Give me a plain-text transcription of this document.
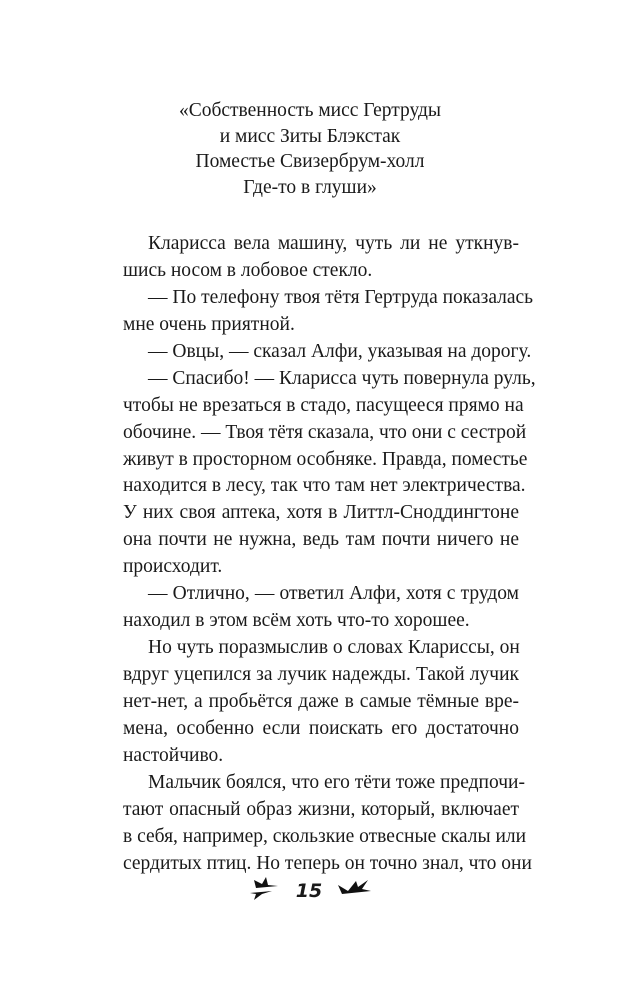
«Собственность мисс Гертруды
и мисс Зиты Блэкстак
Поместье Свизербрум-холл
Где-то в глуши»
Кларисса вела машину, чуть ли не уткнув-
шись носом в лобовое стекло.
— По телефону твоя тётя Гертруда показалась
мне очень приятной.
— Овцы, — сказал Алфи, указывая на дорогу.
— Спасибо! — Кларисса чуть повернула руль,
чтобы не врезаться в стадо, пасущееся прямо на
обочине. — Твоя тётя сказала, что они с сестрой
живут в просторном особняке. Правда, поместье
находится в лесу, так что там нет электричества.
У них своя аптека, хотя в Литтл-Снoддингтоне
она почти не нужна, ведь там почти ничего не
происходит.
— Отлично, — ответил Алфи, хотя с трудом
находил в этом всём хоть что-то хорошее.
Но чуть поразмыслив о словах Клариссы, он
вдруг уцепился за лучик надежды. Такой лучик
нет-нет, а пробьётся даже в самые тёмные вре-
мена, особенно если поискать его достаточно
настойчиво.
Мальчик боялся, что его тёти тоже предпочи-
тают опасный образ жизни, который, включает
в себя, например, скользкие отвесные скалы или
сердитых птиц. Но теперь он точно знал, что они
15
